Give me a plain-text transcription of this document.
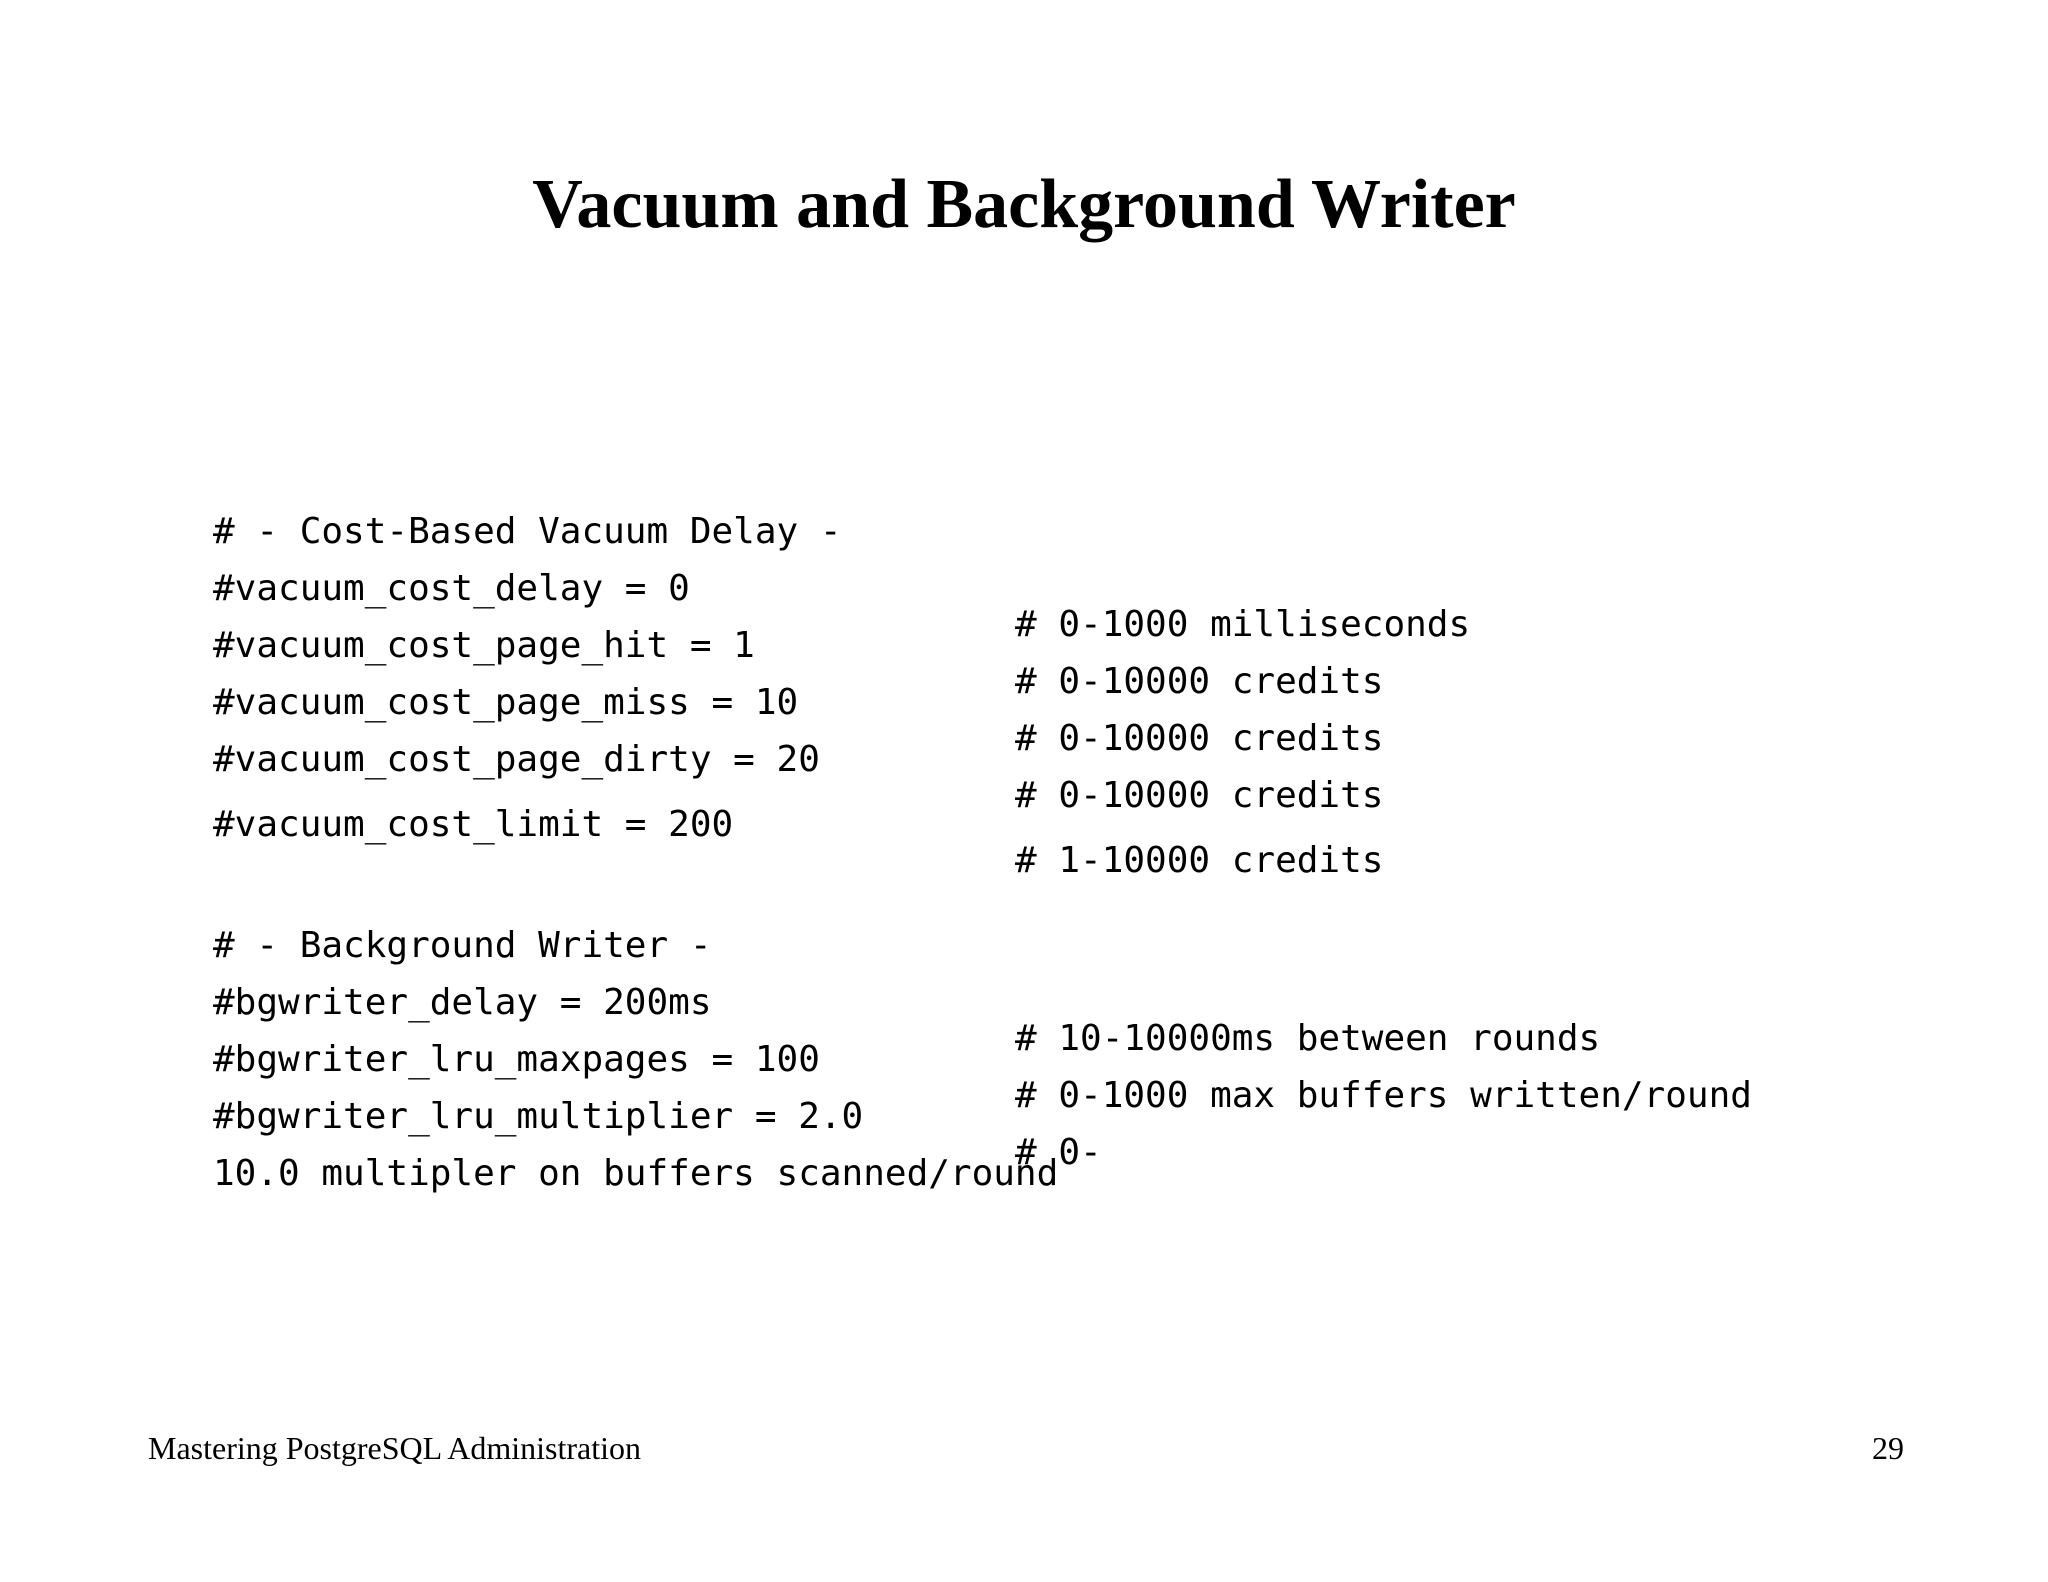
Vacuum and Background Writer

# - Cost-Based Vacuum Delay -

#vacuum_cost_delay = 0

# 0-1000 milliseconds

#vacuum_cost_page_hit = 1

# 0-10000 credits

#vacuum_cost_page_miss = 10

# 0-10000 credits

#vacuum_cost_page_dirty = 20

# 0-10000 credits

#vacuum_cost_limit = 200

# 1-10000 credits

# - Background Writer -

#bgwriter_delay = 200ms

# 10-10000ms between rounds

#bgwriter_lru_maxpages = 100

# 0-1000 max buffers written/round

#bgwriter_lru_multiplier = 2.0

# 0-

10.0 multipler on buffers scanned/round

Mastering PostgreSQL Administration	29
